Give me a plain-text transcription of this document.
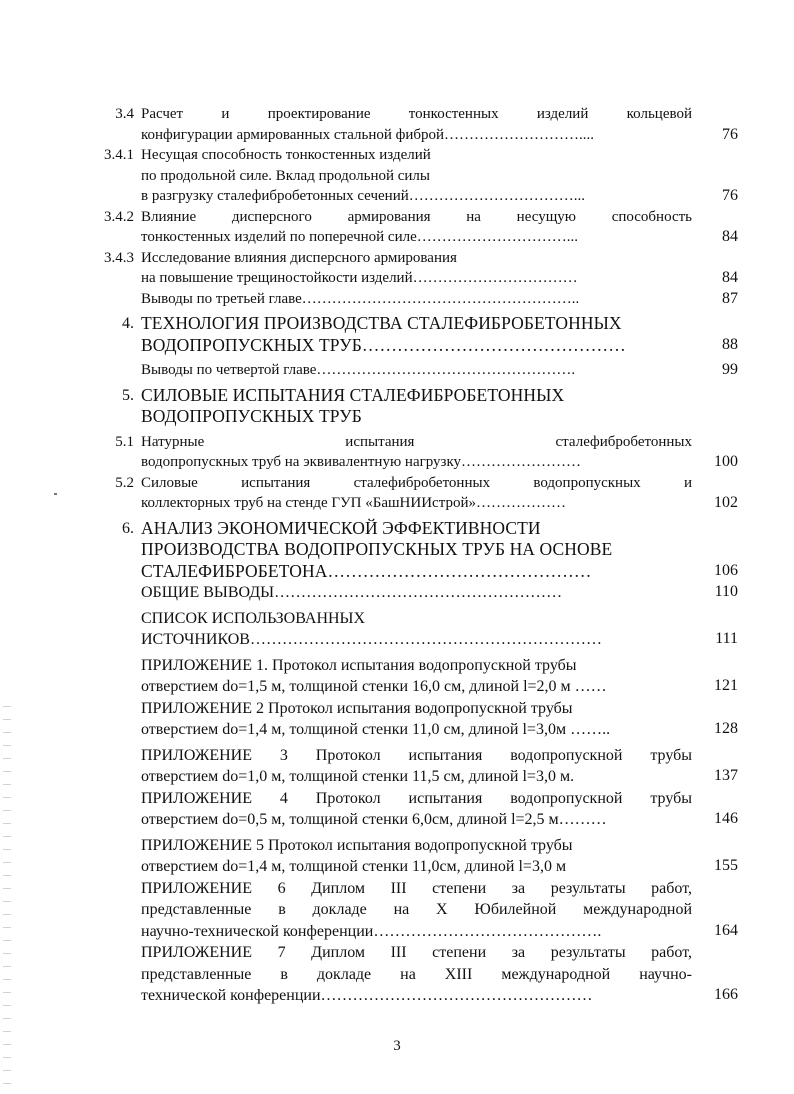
3.4 Расчет и проектирование тонкостенных изделий кольцевой
конфигурации армированных стальной фиброй………………………....	76
3.4.1 Несущая способность тонкостенных изделий
по продольной силе. Вклад продольной силы
в разгрузку сталефибробетонных сечений……………………………...	76
3.4.2 Влияние дисперсного армирования на несущую способность
тонкостенных изделий по поперечной силе…………………………...	84
3.4.3 Исследование влияния дисперсного армирования
на повышение трещиностойкости изделий……………………………	84
Выводы по третьей главе………………………………………………..	87
4. ТЕХНОЛОГИЯ ПРОИЗВОДСТВА СТАЛЕФИБРОБЕТОННЫХ
ВОДОПРОПУСКНЫХ ТРУБ………………………………………	88
Выводы по четвертой главе…………………………………………….	99
5. СИЛОВЫЕ ИСПЫТАНИЯ СТАЛЕФИБРОБЕТОННЫХ
ВОДОПРОПУСКНЫХ ТРУБ
5.1 Натурные испытания сталефибробетонных
водопропускных труб на эквивалентную нагрузку……………………	100
5.2 Силовые испытания сталефибробетонных водопропускных и
коллекторных труб на стенде ГУП «БашНИИстрой»………………	102
6. АНАЛИЗ ЭКОНОМИЧЕСКОЙ ЭФФЕКТИВНОСТИ
ПРОИЗВОДСТВА ВОДОПРОПУСКНЫХ ТРУБ НА ОСНОВЕ
СТАЛЕФИБРОБЕТОНА………………………………………	106
ОБЩИЕ ВЫВОДЫ………………………………………………	110
СПИСОК ИСПОЛЬЗОВАННЫХ
ИСТОЧНИКОВ…………………………………………………………	111
ПРИЛОЖЕНИЕ 1. Протокол испытания водопропускной трубы
отверстием do=1,5 м, толщиной стенки 16,0 см, длиной l=2,0 м ……	121
ПРИЛОЖЕНИЕ 2 Протокол испытания водопропускной трубы
отверстием do=1,4 м, толщиной стенки 11,0 см, длиной l=3,0м ……..	128
ПРИЛОЖЕНИЕ 3 Протокол испытания водопропускной трубы
отверстием do=1,0 м, толщиной стенки 11,5 см, длиной l=3,0 м.	137
ПРИЛОЖЕНИЕ 4 Протокол испытания водопропускной трубы
отверстием do=0,5 м, толщиной стенки 6,0см, длиной l=2,5 м………	146
ПРИЛОЖЕНИЕ 5 Протокол испытания водопропускной трубы
отверстием do=1,4 м, толщиной стенки 11,0см, длиной l=3,0 м	155
ПРИЛОЖЕНИЕ 6 Диплом III степени за результаты работ,
представленные в докладе на X Юбилейной международной
научно-технической конференции…………………………………….	164
ПРИЛОЖЕНИЕ 7 Диплом III степени за результаты работ,
представленные в докладе на XIII международной научно-
технической конференции……………………………………………	166
3
